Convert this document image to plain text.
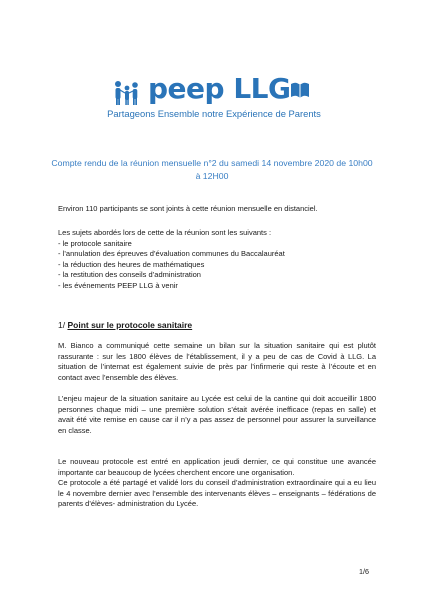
peep LLG
Partageons Ensemble notre Expérience de Parents
Compte rendu de la réunion mensuelle n°2 du samedi 14 novembre 2020 de 10h00
à 12H00
Environ 110 participants se sont joints à cette réunion mensuelle en distanciel.
Les sujets abordés lors de cette de la réunion sont les suivants :
- le protocole sanitaire
- l’annulation des épreuves d’évaluation communes du Baccalauréat
- la réduction des heures de mathématiques
- la restitution des conseils d’administration
- les événements PEEP LLG à venir
1/ Point sur le protocole sanitaire
M. Bianco a communiqué cette semaine un bilan sur la situation sanitaire qui est plutôt rassurante : sur les 1800 élèves de l’établissement, il y a peu de cas de Covid à LLG. La situation de l’internat est également suivie de près par l’infirmerie qui reste à l’écoute et en contact avec l’ensemble des élèves.
L’enjeu majeur de la situation sanitaire au Lycée est celui de la cantine qui doit accueillir 1800 personnes chaque midi – une première solution s’était avérée inefficace (repas en salle) et avait été vite remise en cause car il n’y a pas assez de personnel pour assurer la surveillance en classe.
Le nouveau protocole est entré en application jeudi dernier, ce qui constitue une avancée importante car beaucoup de lycées cherchent encore une organisation.
Ce protocole a été partagé et validé lors du conseil d’administration extraordinaire qui a eu lieu le 4 novembre dernier avec l’ensemble des intervenants élèves – enseignants – fédérations de parents d’élèves- administration du Lycée.
1/6
